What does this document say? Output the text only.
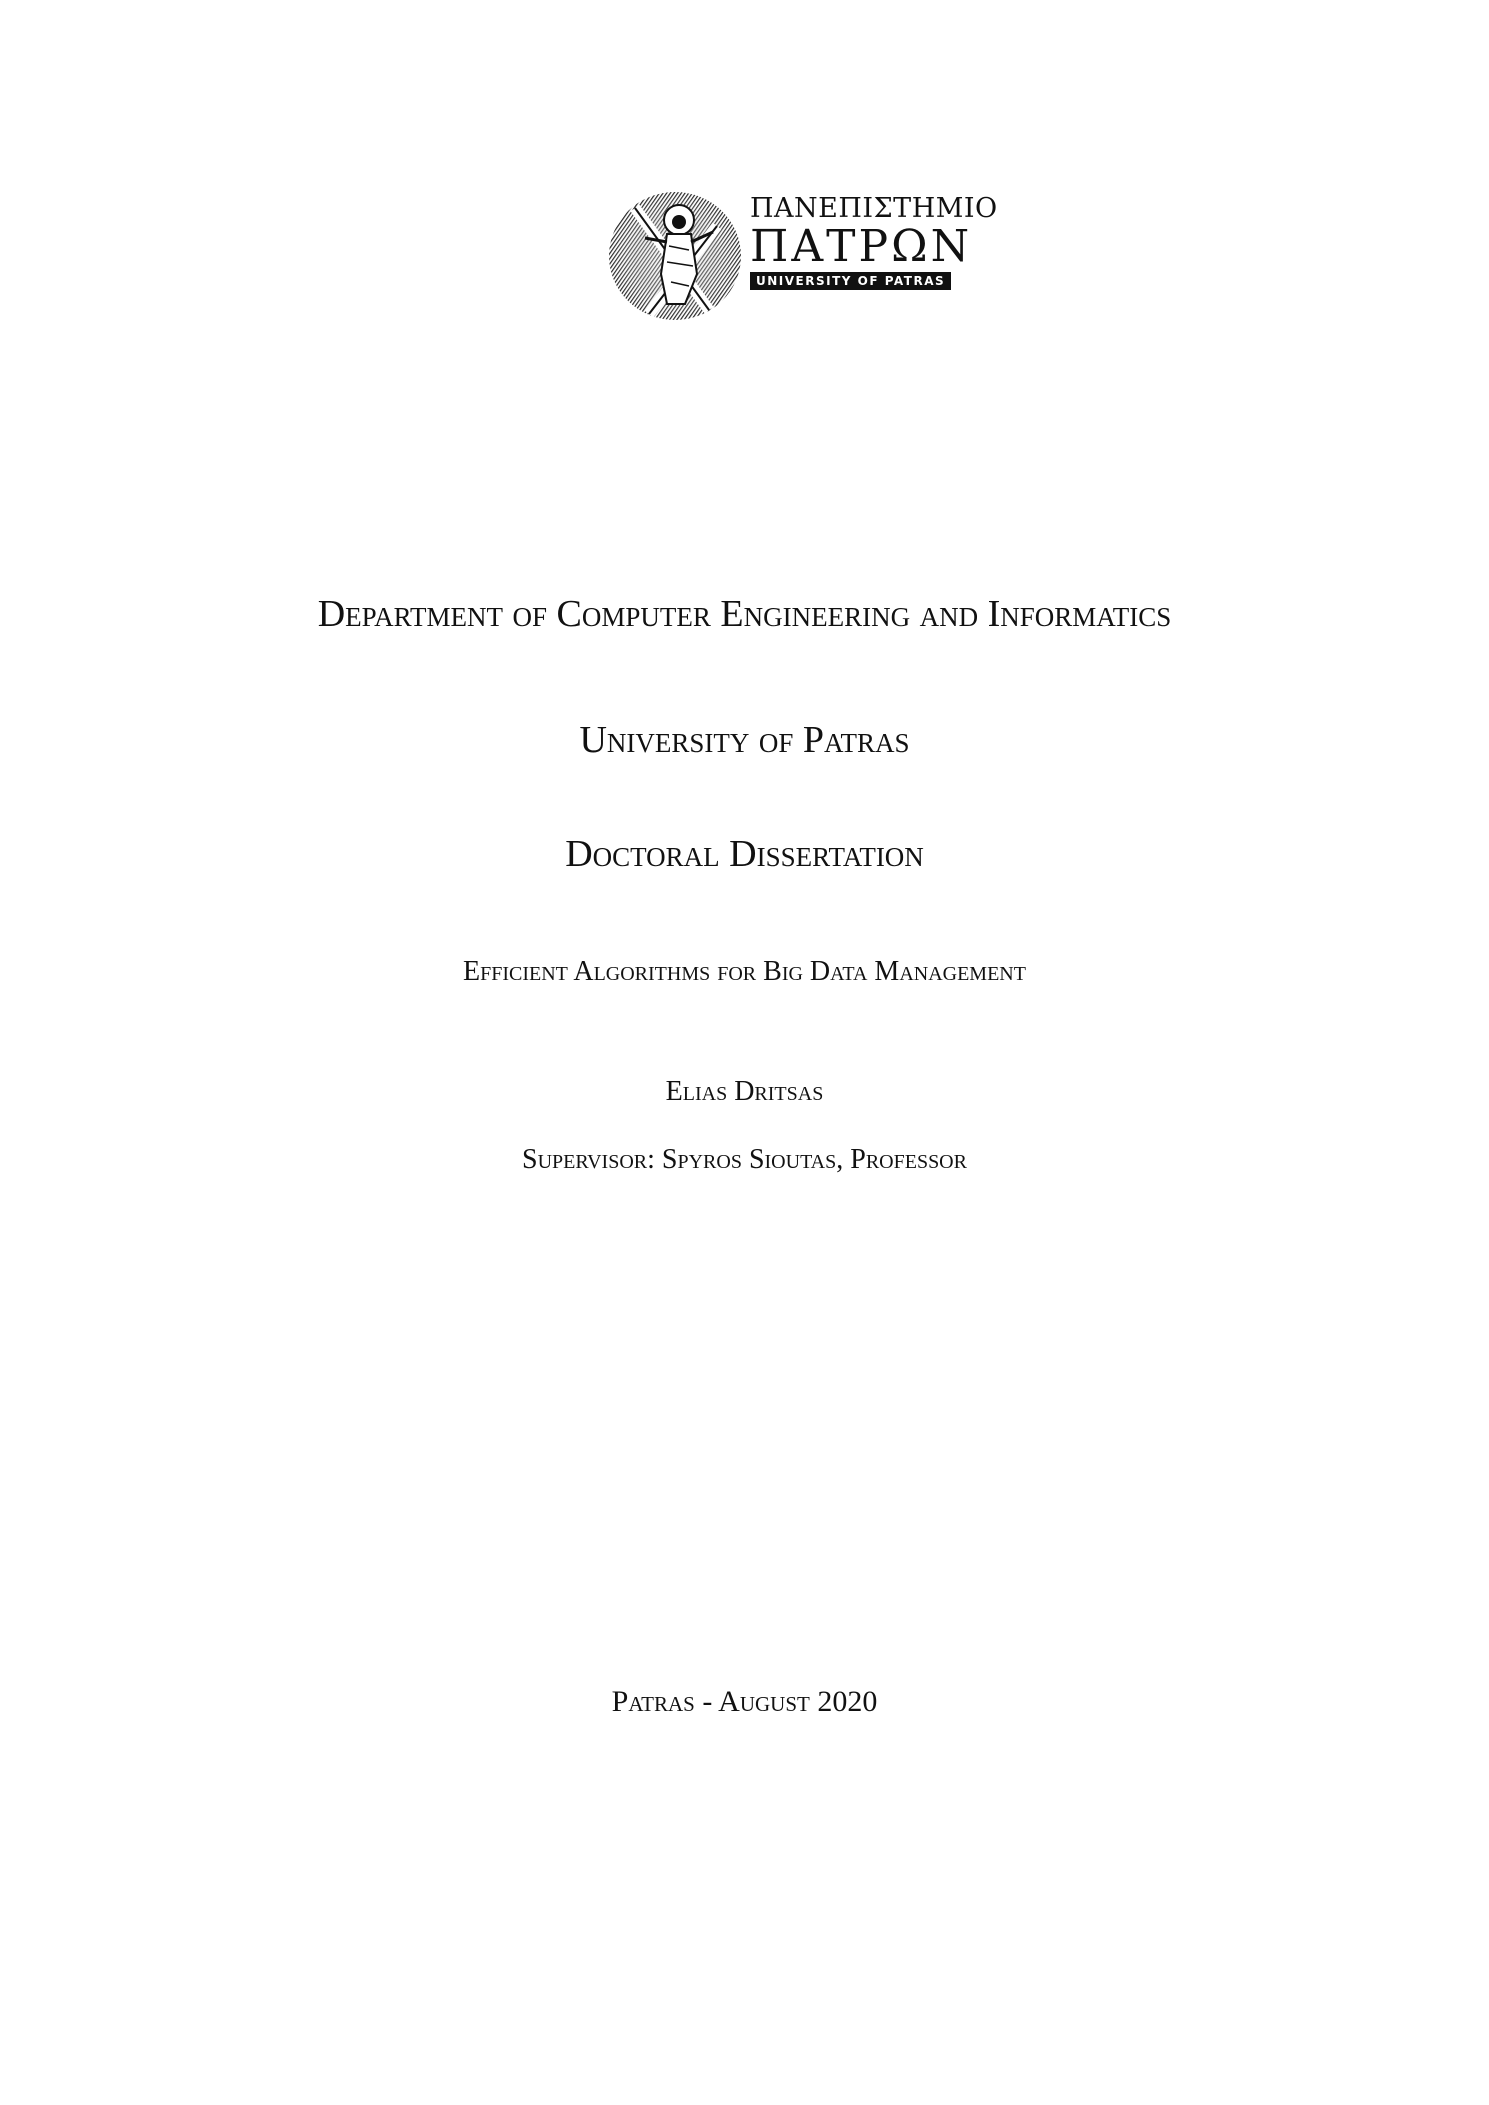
ΠΑΝΕΠΙΣΤΗΜΙΟ
ΠΑΤΡΩΝ
UNIVERSITY OF PATRAS
Department of Computer Engineering and Informatics
University of Patras
Doctoral Dissertation
Efficient Algorithms for Big Data Management
Elias Dritsas
Supervisor: Spyros Sioutas, Professor
Patras - August 2020
